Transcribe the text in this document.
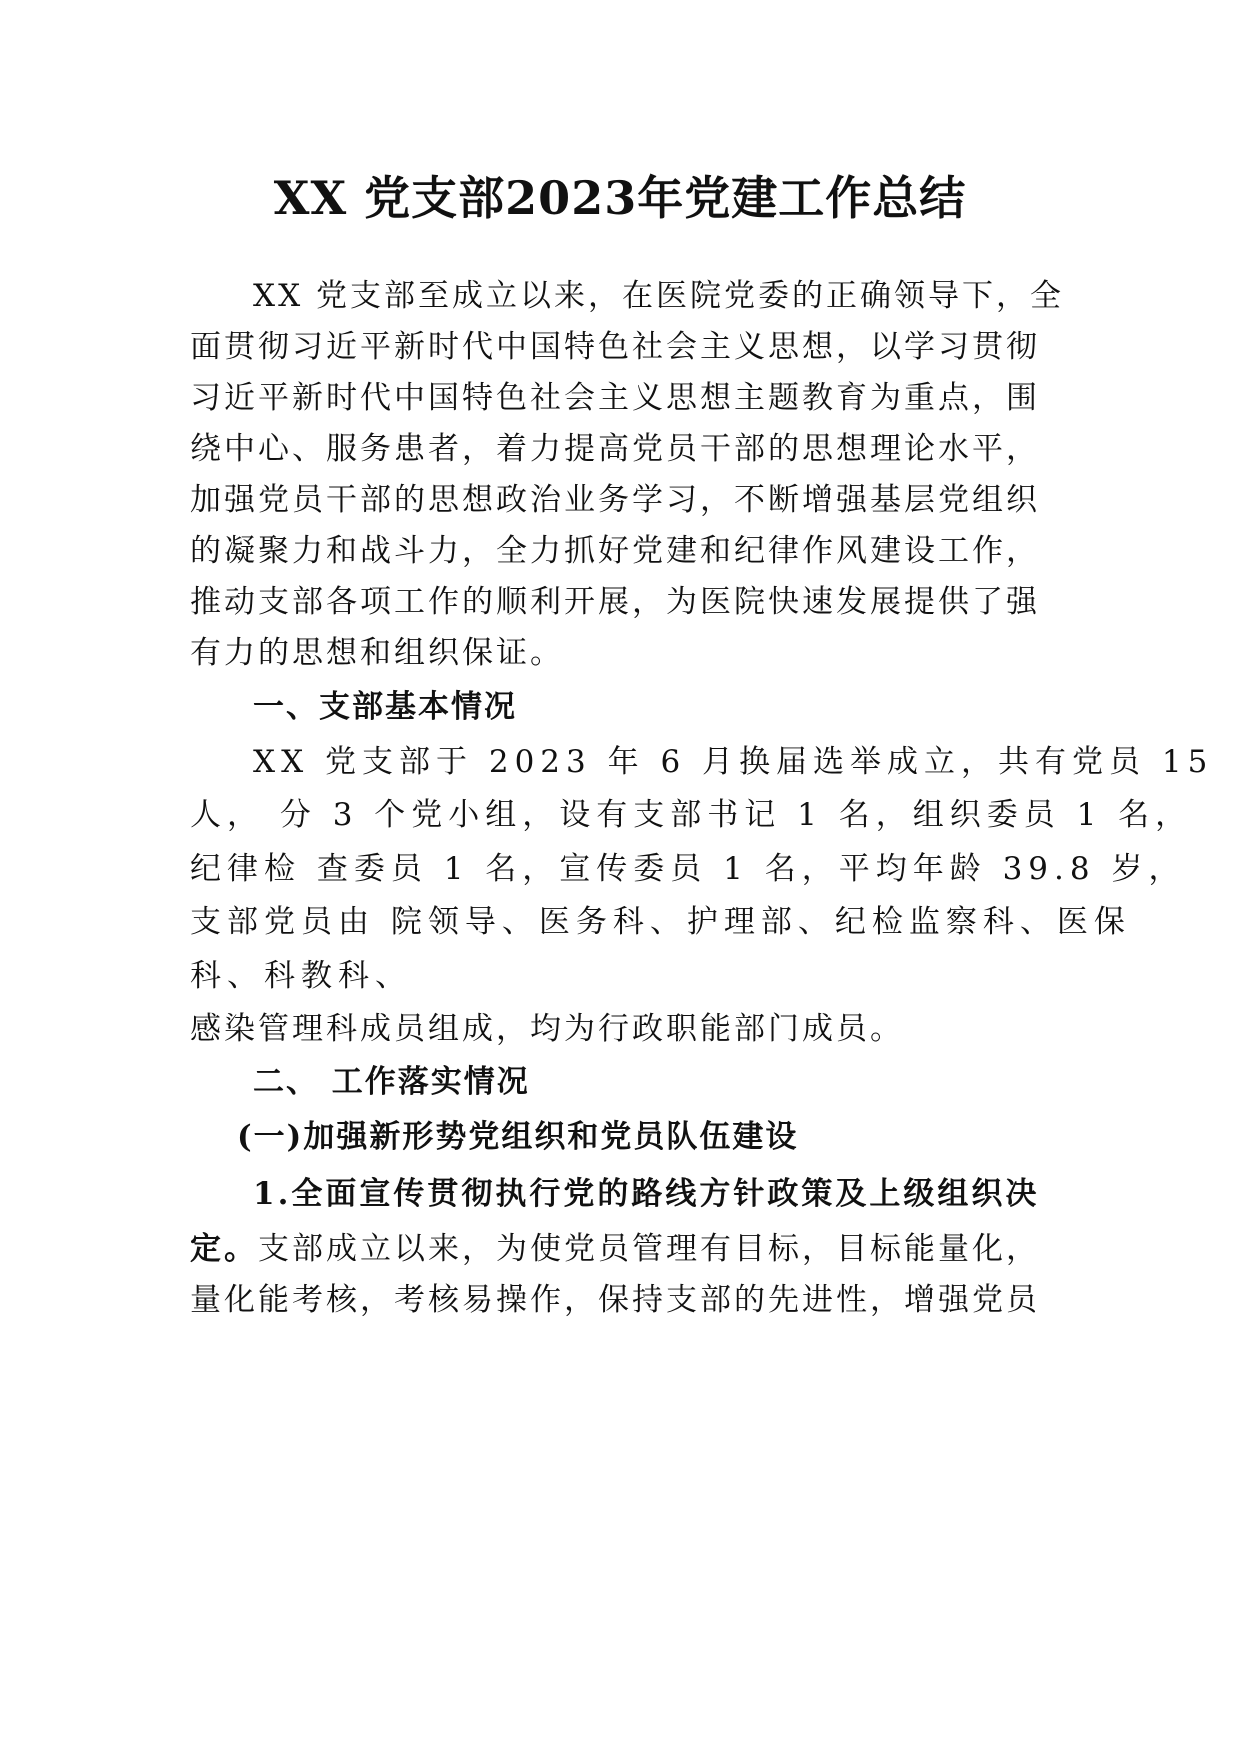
XX 党支部2023年党建工作总结
XX 党支部至成立以来，在医院党委的正确领导下，全
面贯彻习近平新时代中国特色社会主义思想，以学习贯彻
习近平新时代中国特色社会主义思想主题教育为重点，围
绕中心、服务患者，着力提高党员干部的思想理论水平，
加强党员干部的思想政治业务学习，不断增强基层党组织
的凝聚力和战斗力，全力抓好党建和纪律作风建设工作，
推动支部各项工作的顺利开展，为医院快速发展提供了强
有力的思想和组织保证。
一、支部基本情况
XX 党支部于 2023 年 6 月换届选举成立，共有党员 15
人， 分 3 个党小组，设有支部书记 1 名，组织委员 1 名，
纪律检 查委员 1 名，宣传委员 1 名，平均年龄 39.8 岁，
支部党员由 院领导、医务科、护理部、纪检监察科、医保
科、科教科、
感染管理科成员组成，均为行政职能部门成员。
二、 工作落实情况
(一)加强新形势党组织和党员队伍建设
1.全面宣传贯彻执行党的路线方针政策及上级组织决
定。支部成立以来，为使党员管理有目标，目标能量化，
量化能考核，考核易操作，保持支部的先进性，增强党员
